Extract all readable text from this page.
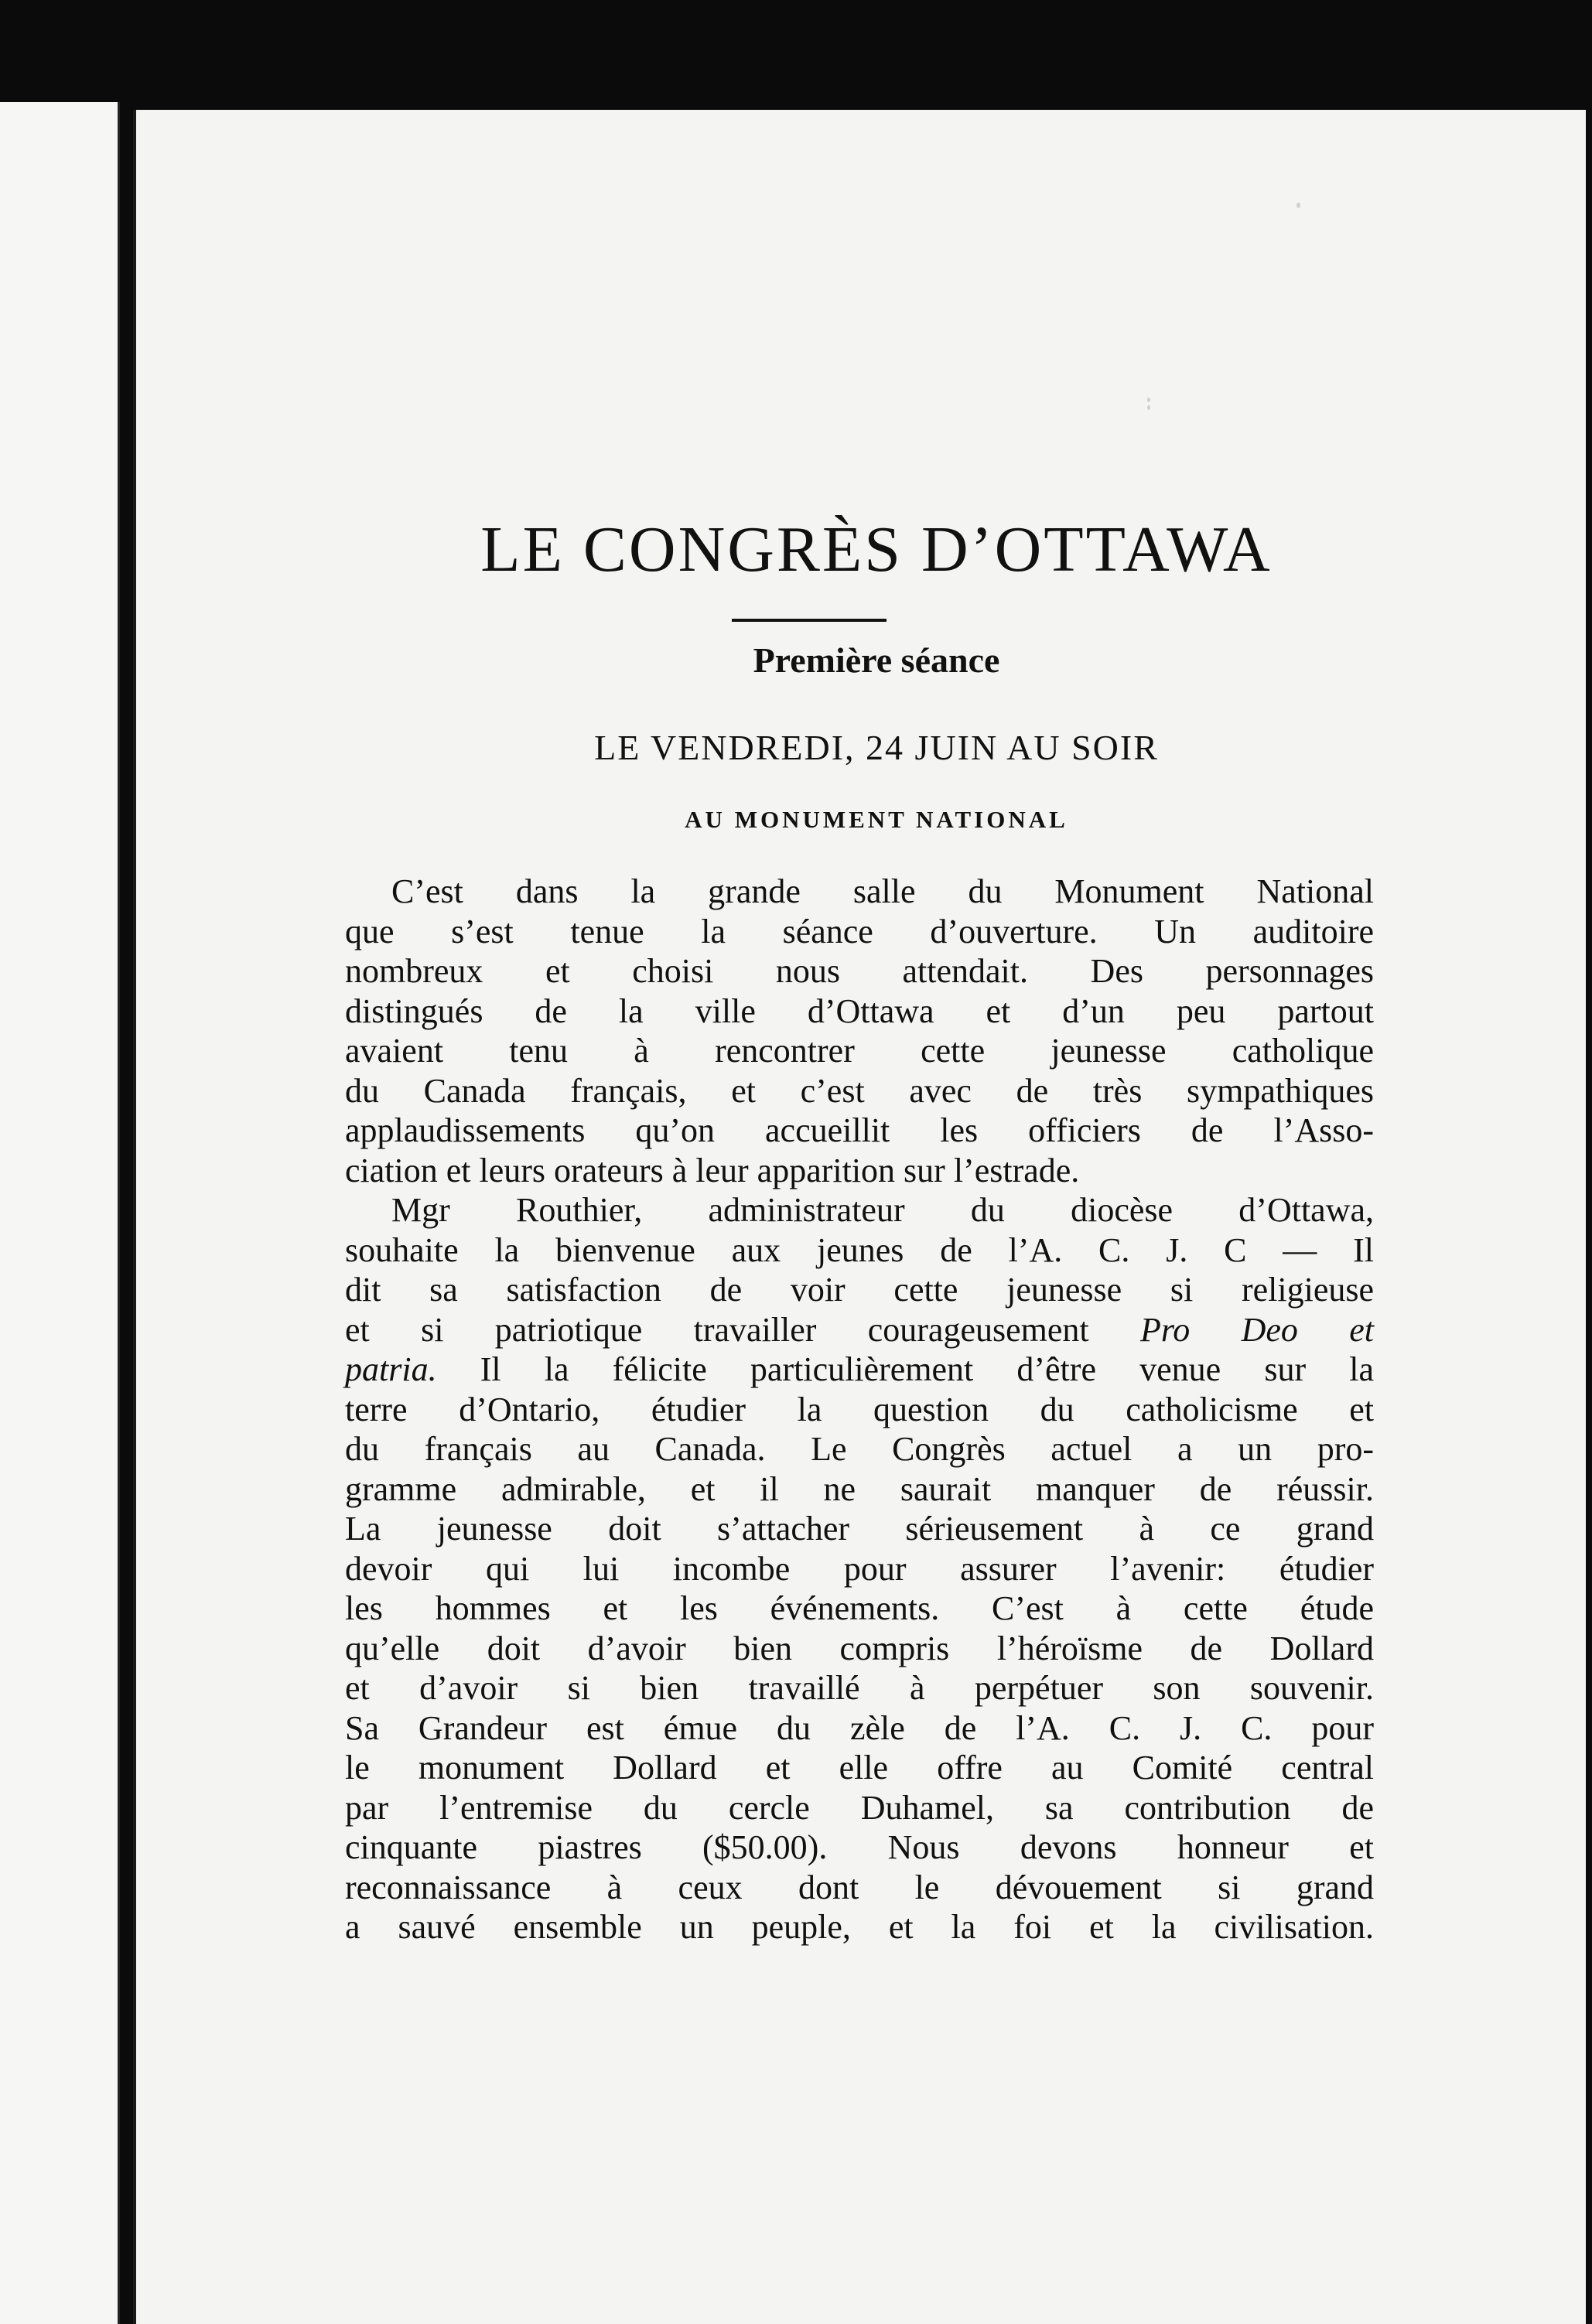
LE CONGRÈS D’OTTAWA
Première séance
LE VENDREDI, 24 JUIN AU SOIR
AU MONUMENT NATIONAL
C’est dans la grande salle du Monument National
que s’est tenue la séance d’ouverture. Un auditoire
nombreux et choisi nous attendait. Des personnages
distingués de la ville d’Ottawa et d’un peu partout
avaient tenu à rencontrer cette jeunesse catholique
du Canada français, et c’est avec de très sympathiques
applaudissements qu’on accueillit les officiers de l’Asso-
ciation et leurs orateurs à leur apparition sur l’estrade.
Mgr Routhier, administrateur du diocèse d’Ottawa,
souhaite la bienvenue aux jeunes de l’A. C. J. C — Il
dit sa satisfaction de voir cette jeunesse si religieuse
et si patriotique travailler courageusement Pro Deo et
patria. Il la félicite particulièrement d’être venue sur la
terre d’Ontario, étudier la question du catholicisme et
du français au Canada. Le Congrès actuel a un pro-
gramme admirable, et il ne saurait manquer de réussir.
La jeunesse doit s’attacher sérieusement à ce grand
devoir qui lui incombe pour assurer l’avenir: étudier
les hommes et les événements. C’est à cette étude
qu’elle doit d’avoir bien compris l’héroïsme de Dollard
et d’avoir si bien travaillé à perpétuer son souvenir.
Sa Grandeur est émue du zèle de l’A. C. J. C. pour
le monument Dollard et elle offre au Comité central
par l’entremise du cercle Duhamel, sa contribution de
cinquante piastres ($50.00). Nous devons honneur et
reconnaissance à ceux dont le dévouement si grand
a sauvé ensemble un peuple, et la foi et la civilisation.
